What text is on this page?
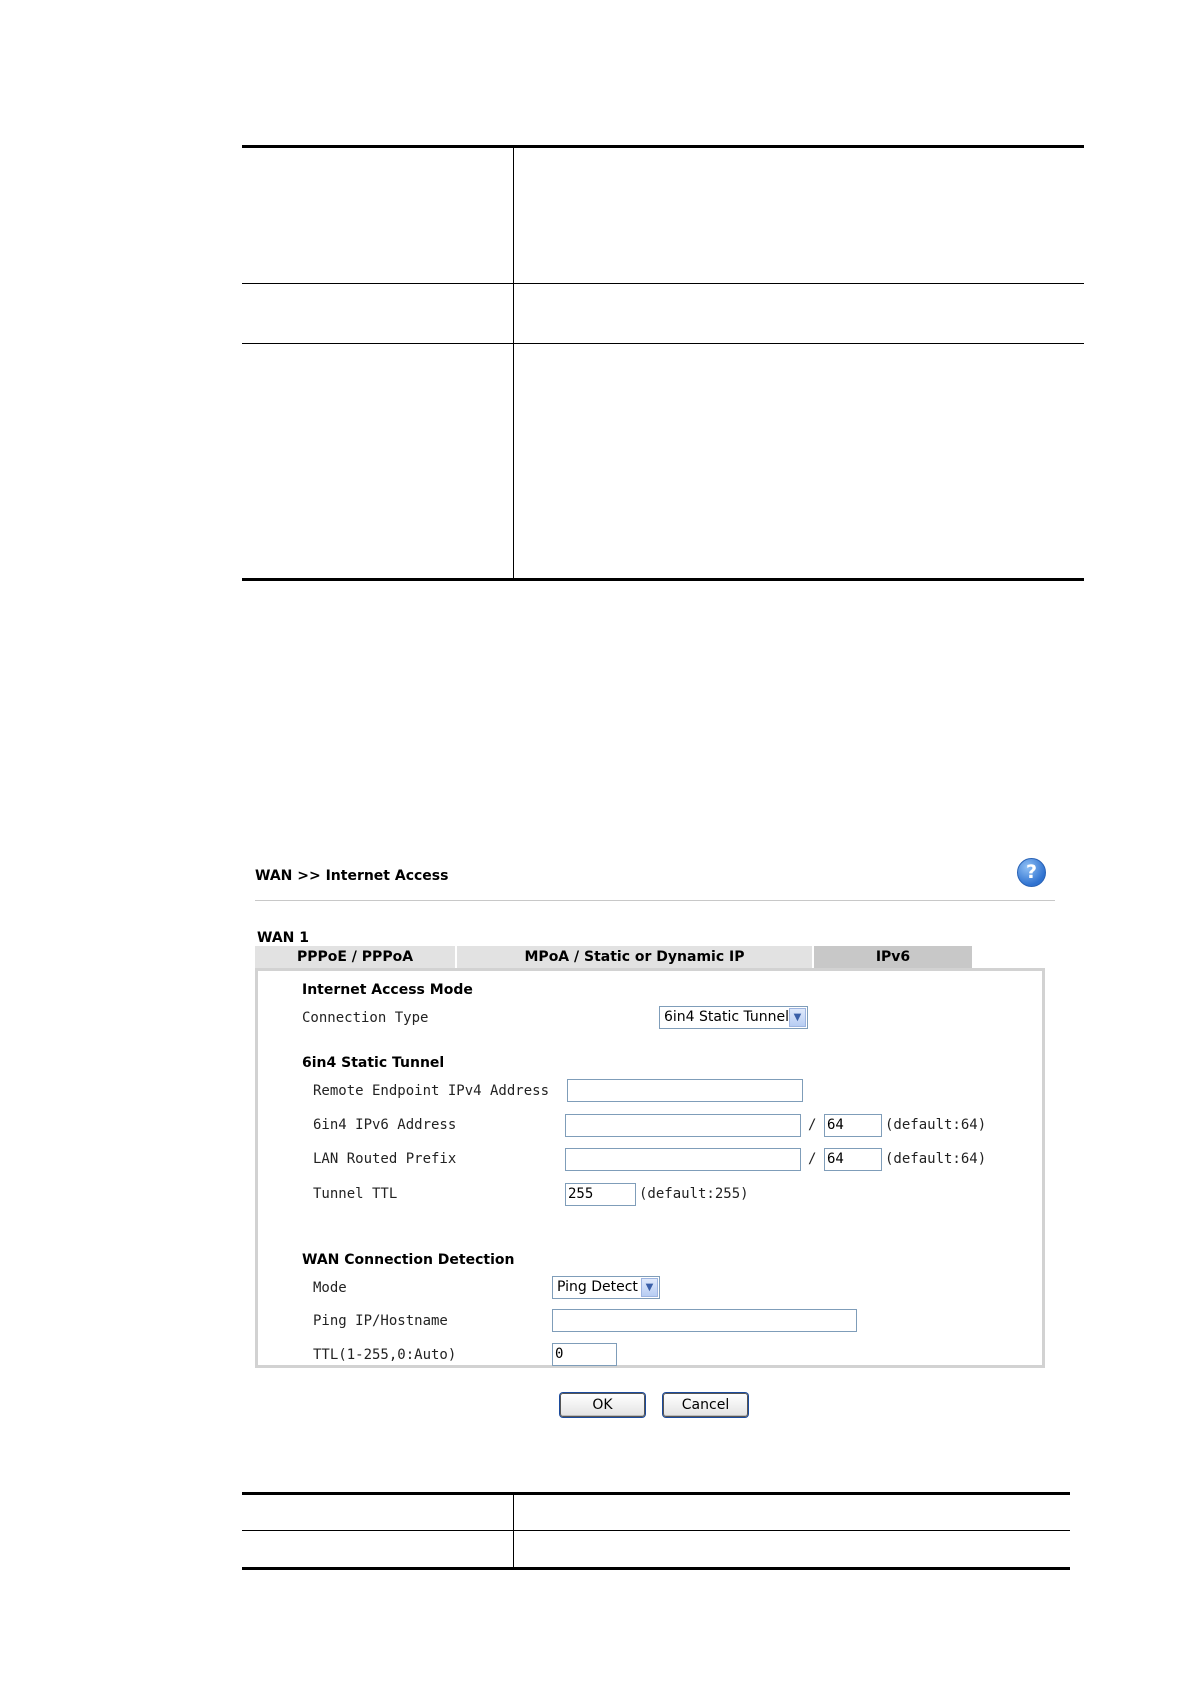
WAN >> Internet Access	?
WAN 1
PPPoE / PPPoA	MPoA / Static or Dynamic IP	IPv6
Internet Access Mode
Connection Type	6in4 Static Tunnel ▼
6in4 Static Tunnel
Remote Endpoint IPv4 Address
6in4 IPv6 Address	/ 64	(default:64)
LAN Routed Prefix	/ 64	(default:64)
Tunnel TTL	255	(default:255)
WAN Connection Detection
Mode	Ping Detect ▼
Ping IP/Hostname
TTL(1-255,0:Auto)	0
OK	Cancel
